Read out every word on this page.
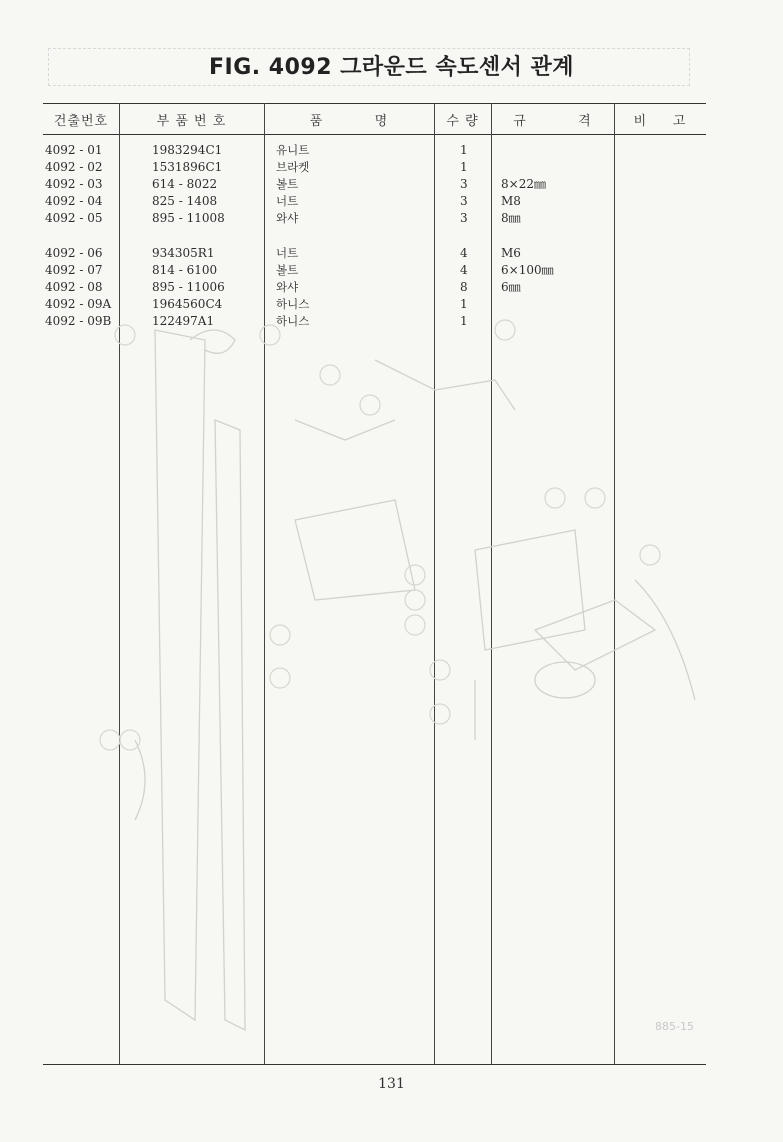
FIG. 4092 그라운드 속도센서 관계
건출번호	부 품 번 호	품          명	수 량	규          격	비     고
4092 - 01	1983294C1	유니트	1
4092 - 02	1531896C1	브라켓	1
4092 - 03	614 - 8022	볼트	3	8×22㎜
4092 - 04	825 - 1408	너트	3	M8
4092 - 05	895 - 11008	와샤	3	8㎜
4092 - 06	934305R1	너트	4	M6
4092 - 07	814 - 6100	볼트	4	6×100㎜
4092 - 08	895 - 11006	와샤	8	6㎜
4092 - 09A	1964560C4	하니스	1
4092 - 09B	122497A1	하니스	1
885-15
131
